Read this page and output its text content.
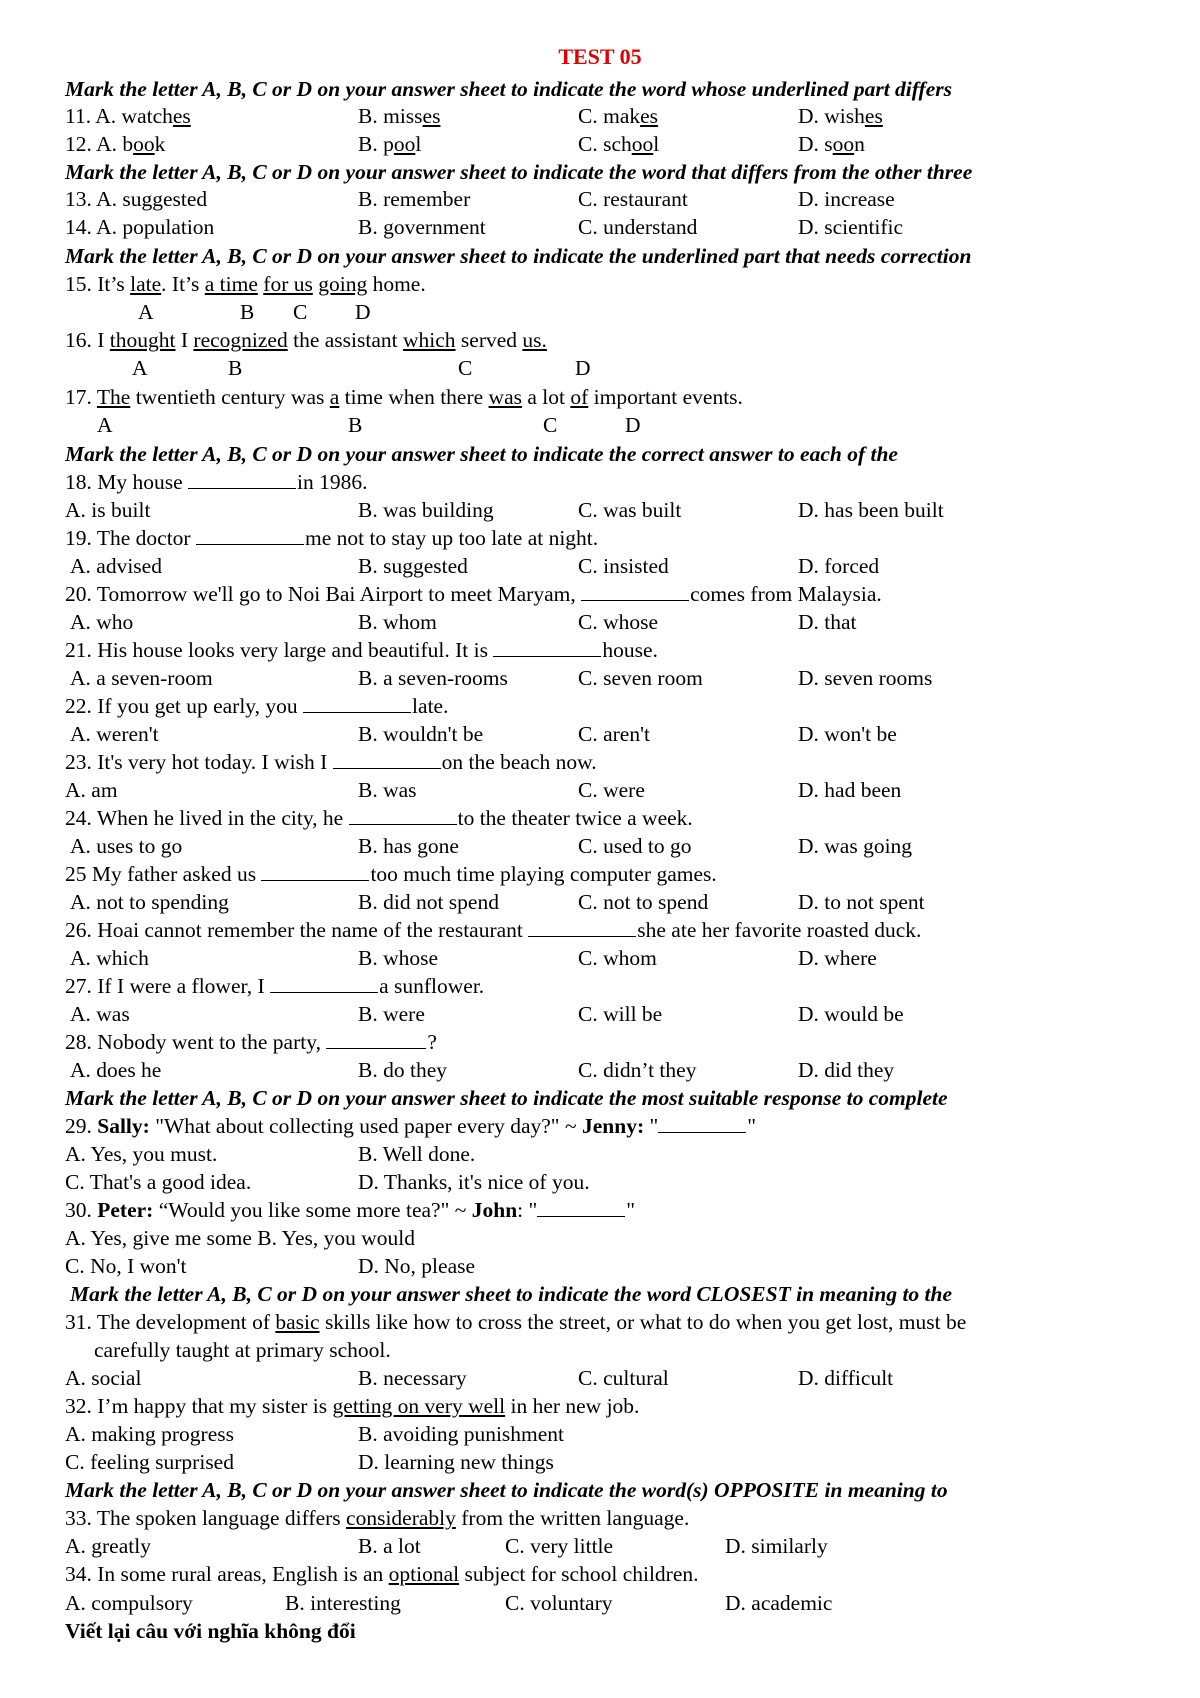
TEST 05
Mark the letter A, B, C or D on your answer sheet to indicate the word whose underlined part differs
11. A. watches	B. misses	C. makes	D. wishes
12. A. book	B. pool	C. school	D. soon
Mark the letter A, B, C or D on your answer sheet to indicate the word that differs from the other three
13. A. suggested	B. remember	C. restaurant	D. increase
14. A. population	B. government	C. understand	D. scientific
Mark the letter A, B, C or D on your answer sheet to indicate the underlined part that needs correction
15. It’s late. It’s a time for us going home.
A	B C D
16. I thought I recognized the assistant which served us.
A	B	C	D
17. The twentieth century was a time when there was a lot of important events.
A	B	C	D
Mark the letter A, B, C or D on your answer sheet to indicate the correct answer to each of the
18. My house	in 1986.
A. is built	B. was building	C. was built	D. has been built
19. The doctor	me not to stay up too late at night.
A. advised	B. suggested	C. insisted	D. forced
20. Tomorrow we'll go to Noi Bai Airport to meet Maryam,	comes from Malaysia.
A. who	B. whom	C. whose	D. that
21. His house looks very large and beautiful. It is	house.
A. a seven-room	B. a seven-rooms	C. seven room	D. seven rooms
22. If you get up early, you	late.
A. weren't	B. wouldn't be	C. aren't	D. won't be
23. It's very hot today. I wish I	on the beach now.
A. am	B. was	C. were	D. had been
24. When he lived in the city, he	to the theater twice a week.
A. uses to go	B. has gone	C. used to go	D. was going
25 My father asked us	too much time playing computer games.
A. not to spending	B. did not spend	C. not to spend	D. to not spent
26. Hoai cannot remember the name of the restaurant	she ate her favorite roasted duck.
A. which	B. whose	C. whom	D. where
27. If I were a flower, I	a sunflower.
A. was	B. were	C. will be	D. would be
28. Nobody went to the party,	?
A. does he	B. do they	C. didn’t they	D. did they
Mark the letter A, B, C or D on your answer sheet to indicate the most suitable response to complete
29. Sally: "What about collecting used paper every day?" ~ Jenny: "	"
A. Yes, you must.	B. Well done.
C. That's a good idea.	D. Thanks, it's nice of you.
30. Peter: “Would you like some more tea?" ~ John: "	"
A. Yes, give me some B. Yes, you would
C. No, I won't	D. No, please
Mark the letter A, B, C or D on your answer sheet to indicate the word CLOSEST in meaning to the
31. The development of basic skills like how to cross the street, or what to do when you get lost, must be
carefully taught at primary school.
A. social	B. necessary	C. cultural	D. difficult
32. I’m happy that my sister is getting on very well in her new job.
A. making progress	B. avoiding punishment
C. feeling surprised	D. learning new things
Mark the letter A, B, C or D on your answer sheet to indicate the word(s) OPPOSITE in meaning to
33. The spoken language differs considerably from the written language.
A. greatly	B. a lot	C. very little	D. similarly
34. In some rural areas, English is an optional subject for school children.
A. compulsory	B. interesting	C. voluntary	D. academic
Viết lại câu với nghĩa không đổi
